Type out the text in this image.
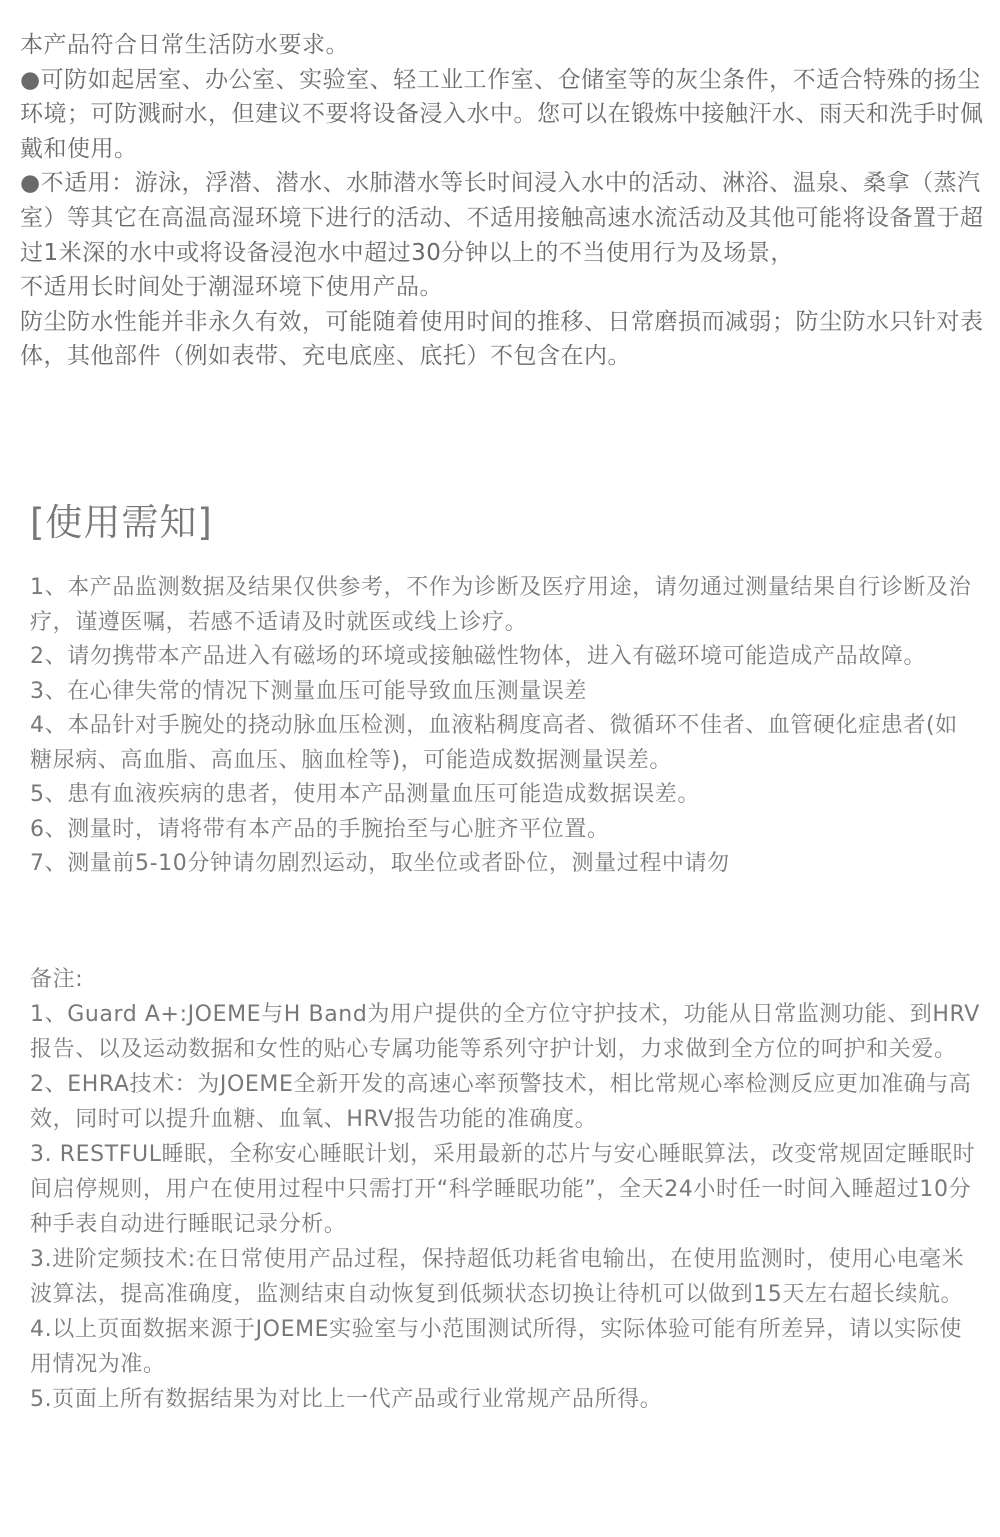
本产品符合日常生活防水要求。

●可防如起居室、办公室、实验室、轻工业工作室、仓储室等的灰尘条件，不适合特殊的扬尘环境；可防溅耐水，但建议不要将设备浸入水中。您可以在锻炼中接触汗水、雨天和洗手时佩戴和使用。

●不适用：游泳，浮潜、潜水、水肺潜水等长时间浸入水中的活动、淋浴、温泉、桑拿（蒸汽室）等其它在高温高湿环境下进行的活动、不适用接触高速水流活动及其他可能将设备置于超过1米深的水中或将设备浸泡水中超过30分钟以上的不当使用行为及场景，

不适用长时间处于潮湿环境下使用产品。

防尘防水性能并非永久有效，可能随着使用时间的推移、日常磨损而减弱；防尘防水只针对表体，其他部件（例如表带、充电底座、底托）不包含在内。

[使用需知]

1、本产品监测数据及结果仅供参考，不作为诊断及医疗用途，请勿通过测量结果自行诊断及治疗，谨遵医嘱，若感不适请及时就医或线上诊疗。

2、请勿携带本产品进入有磁场的环境或接触磁性物体，进入有磁环境可能造成产品故障。

3、在心律失常的情况下测量血压可能导致血压测量误差

4、本品针对手腕处的挠动脉血压检测，血液粘稠度高者、微循环不佳者、血管硬化症患者(如糖尿病、高血脂、高血压、脑血栓等)，可能造成数据测量误差。

5、患有血液疾病的患者，使用本产品测量血压可能造成数据误差。

6、测量时，请将带有本产品的手腕抬至与心脏齐平位置。

7、测量前5-10分钟请勿剧烈运动，取坐位或者卧位，测量过程中请勿

备注:

1、Guard A+:JOEME与H Band为用户提供的全方位守护技术，功能从日常监测功能、到HRV报告、以及运动数据和女性的贴心专属功能等系列守护计划，力求做到全方位的呵护和关爱。

2、EHRA技术：为JOEME全新开发的高速心率预警技术，相比常规心率检测反应更加准确与高效，同时可以提升血糖、血氧、HRV报告功能的准确度。

3. RESTFUL睡眠，全称安心睡眠计划，采用最新的芯片与安心睡眠算法，改变常规固定睡眠时间启停规则，用户在使用过程中只需打开“科学睡眠功能”，全天24小时任一时间入睡超过10分种手表自动进行睡眠记录分析。

3.进阶定频技术:在日常使用产品过程，保持超低功耗省电输出，在使用监测时，使用心电毫米波算法，提高准确度，监测结束自动恢复到低频状态切换让待机可以做到15天左右超长续航。

4.以上页面数据来源于JOEME实验室与小范围测试所得，实际体验可能有所差异，请以实际使用情况为准。

5.页面上所有数据结果为对比上一代产品或行业常规产品所得。
